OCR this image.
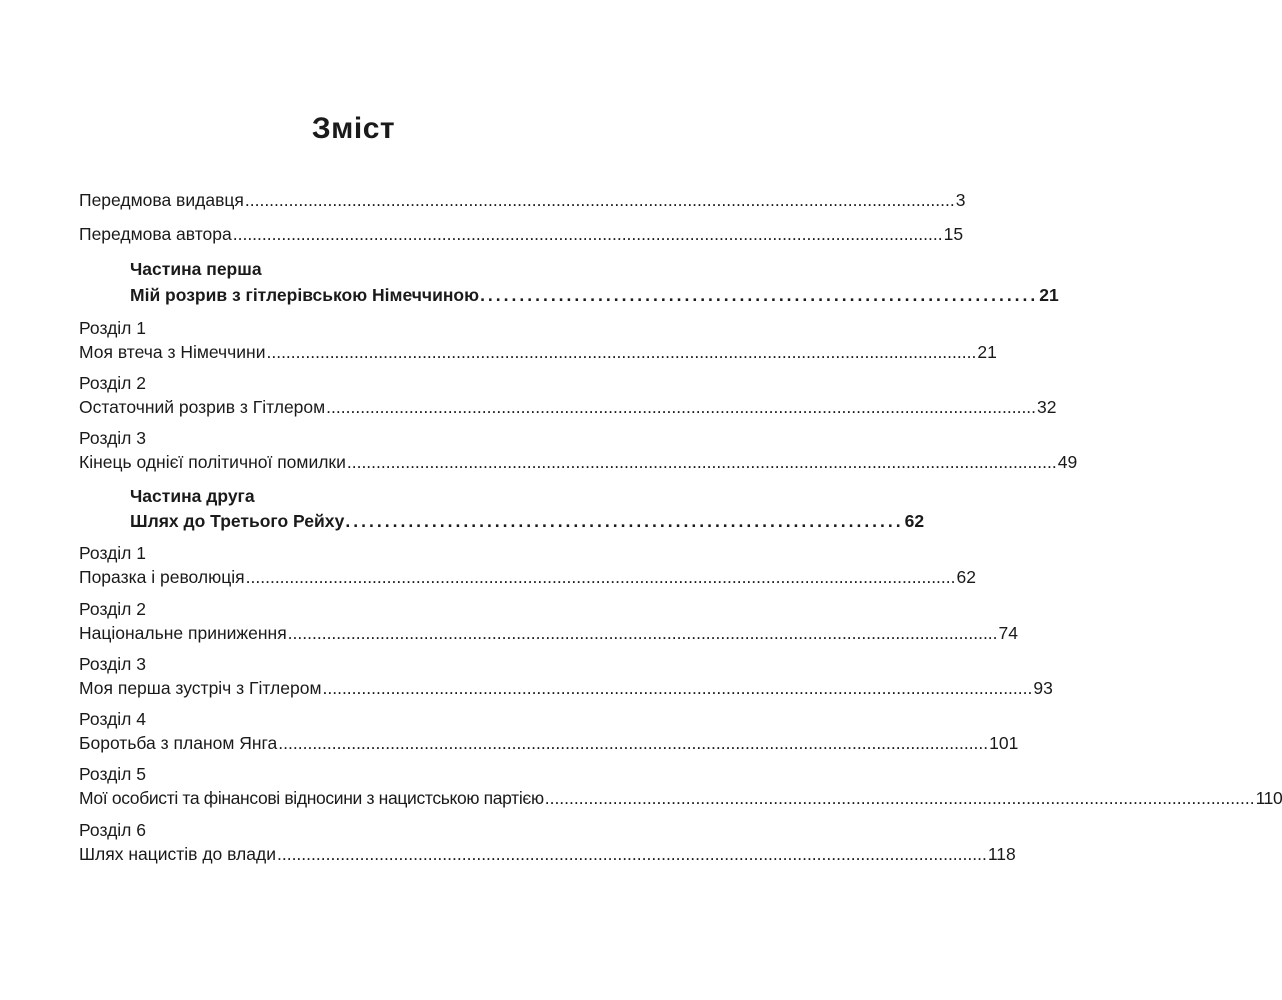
Зміст
Передмова видавця .................................................................................................................................................. 3
Передмова автора .................................................................................................................................................. 15
Частина перша
Мій розрив з гітлерівською Німеччиною ....................................................................... 21
Розділ 1
Моя втеча з Німеччини .................................................................................................................................................. 21
Розділ 2
Остаточний розрив з Гітлером .................................................................................................................................................. 32
Розділ 3
Кінець однієї політичної помилки .................................................................................................................................................. 49
Частина друга
Шлях до Третього Рейху ....................................................................... 62
Розділ 1
Поразка і революція .................................................................................................................................................. 62
Розділ 2
Національне приниження .................................................................................................................................................. 74
Розділ 3
Моя перша зустріч з Гітлером .................................................................................................................................................. 93
Розділ 4
Боротьба з планом Янга .................................................................................................................................................. 101
Розділ 5
Мої особисті та фінансові відносини з нацистською партією .................................................................................................................................................. 110
Розділ 6
Шлях нацистів до влади .................................................................................................................................................. 118
